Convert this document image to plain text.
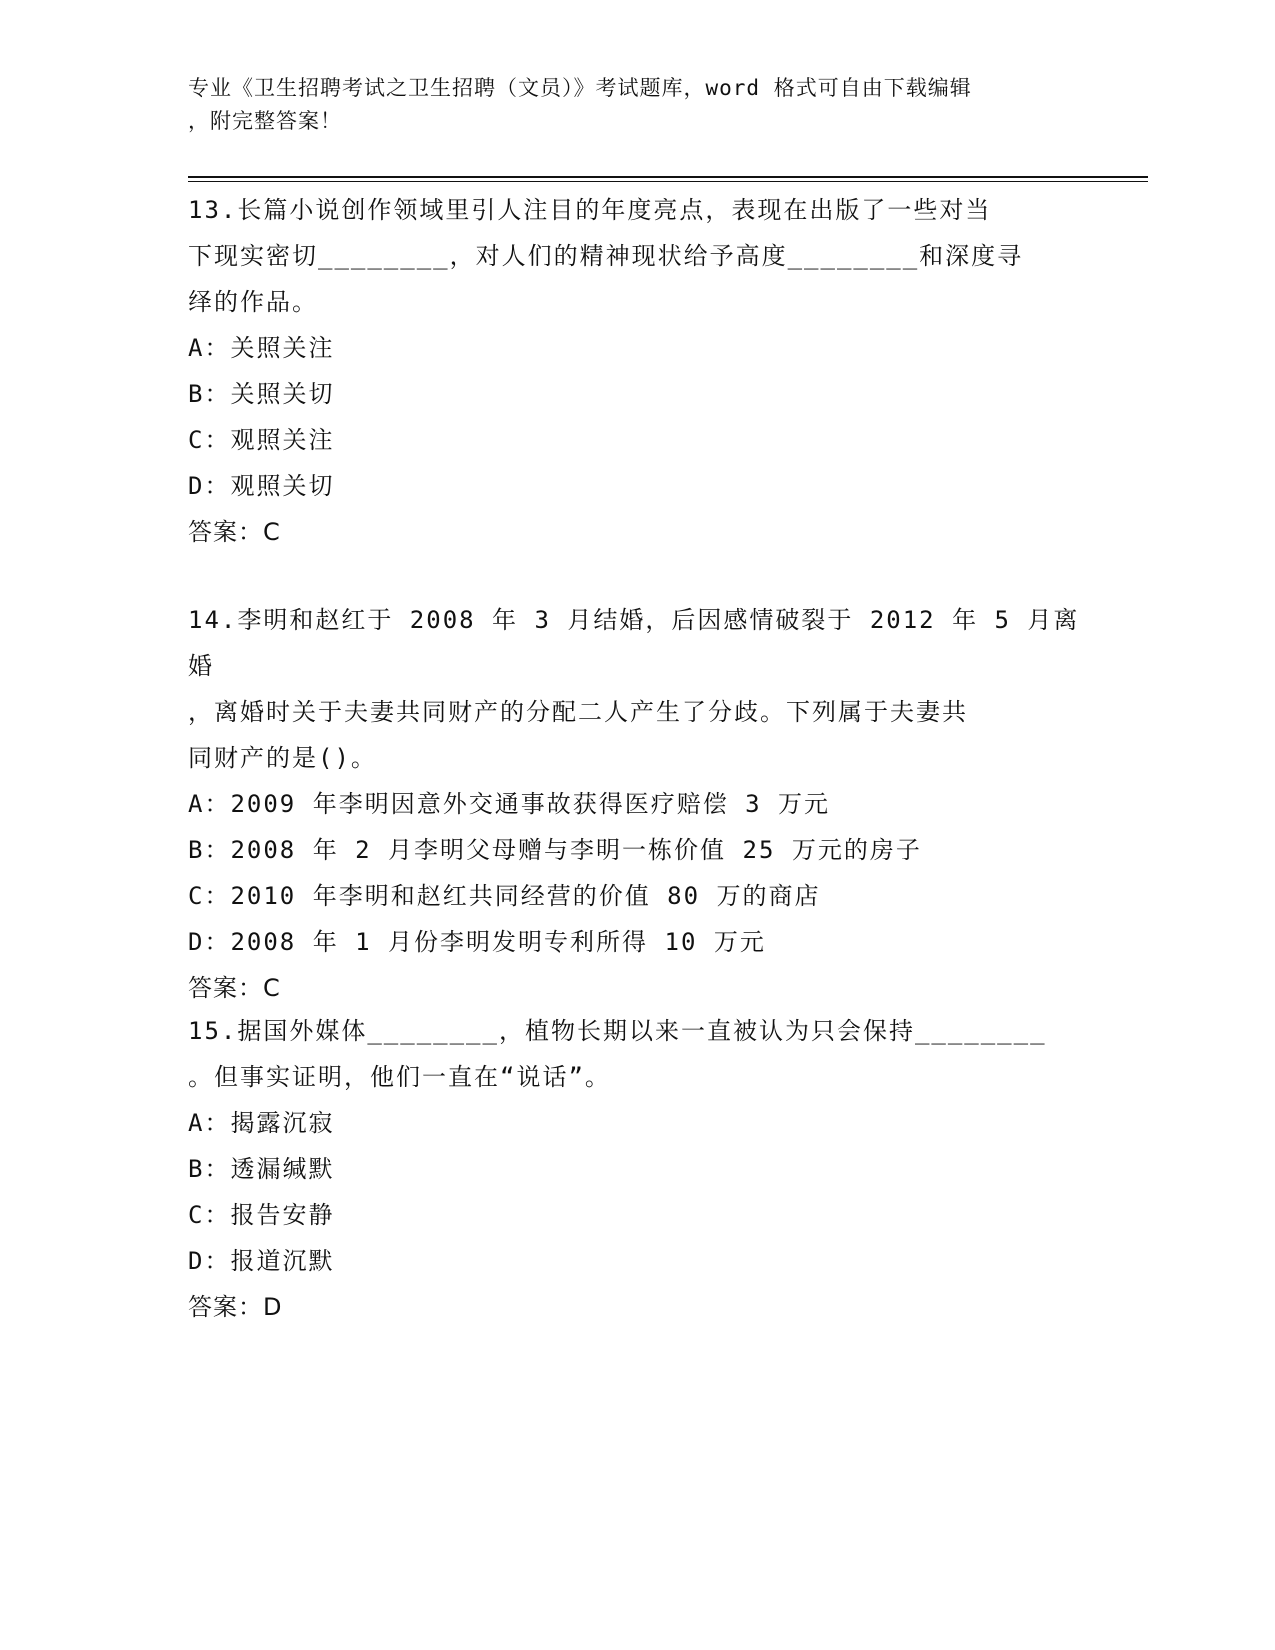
专业《卫生招聘考试之卫生招聘（文员）》考试题库，word 格式可自由下载编辑
，附完整答案！
13.长篇小说创作领域里引人注目的年度亮点，表现在出版了一些对当
下现实密切________，对人们的精神现状给予高度________和深度寻
绎的作品。
A：关照关注
B：关照关切
C：观照关注
D：观照关切
答案：C
14.李明和赵红于 2008 年 3 月结婚，后因感情破裂于 2012 年 5 月离婚
，离婚时关于夫妻共同财产的分配二人产生了分歧。下列属于夫妻共
同财产的是()。
A：2009 年李明因意外交通事故获得医疗赔偿 3 万元
B：2008 年 2 月李明父母赠与李明一栋价值 25 万元的房子
C：2010 年李明和赵红共同经营的价值 80 万的商店
D：2008 年 1 月份李明发明专利所得 10 万元
答案：C
15.据国外媒体________，植物长期以来一直被认为只会保持________
。但事实证明，他们一直在“说话”。
A：揭露沉寂
B：透漏缄默
C：报告安静
D：报道沉默
答案：D
